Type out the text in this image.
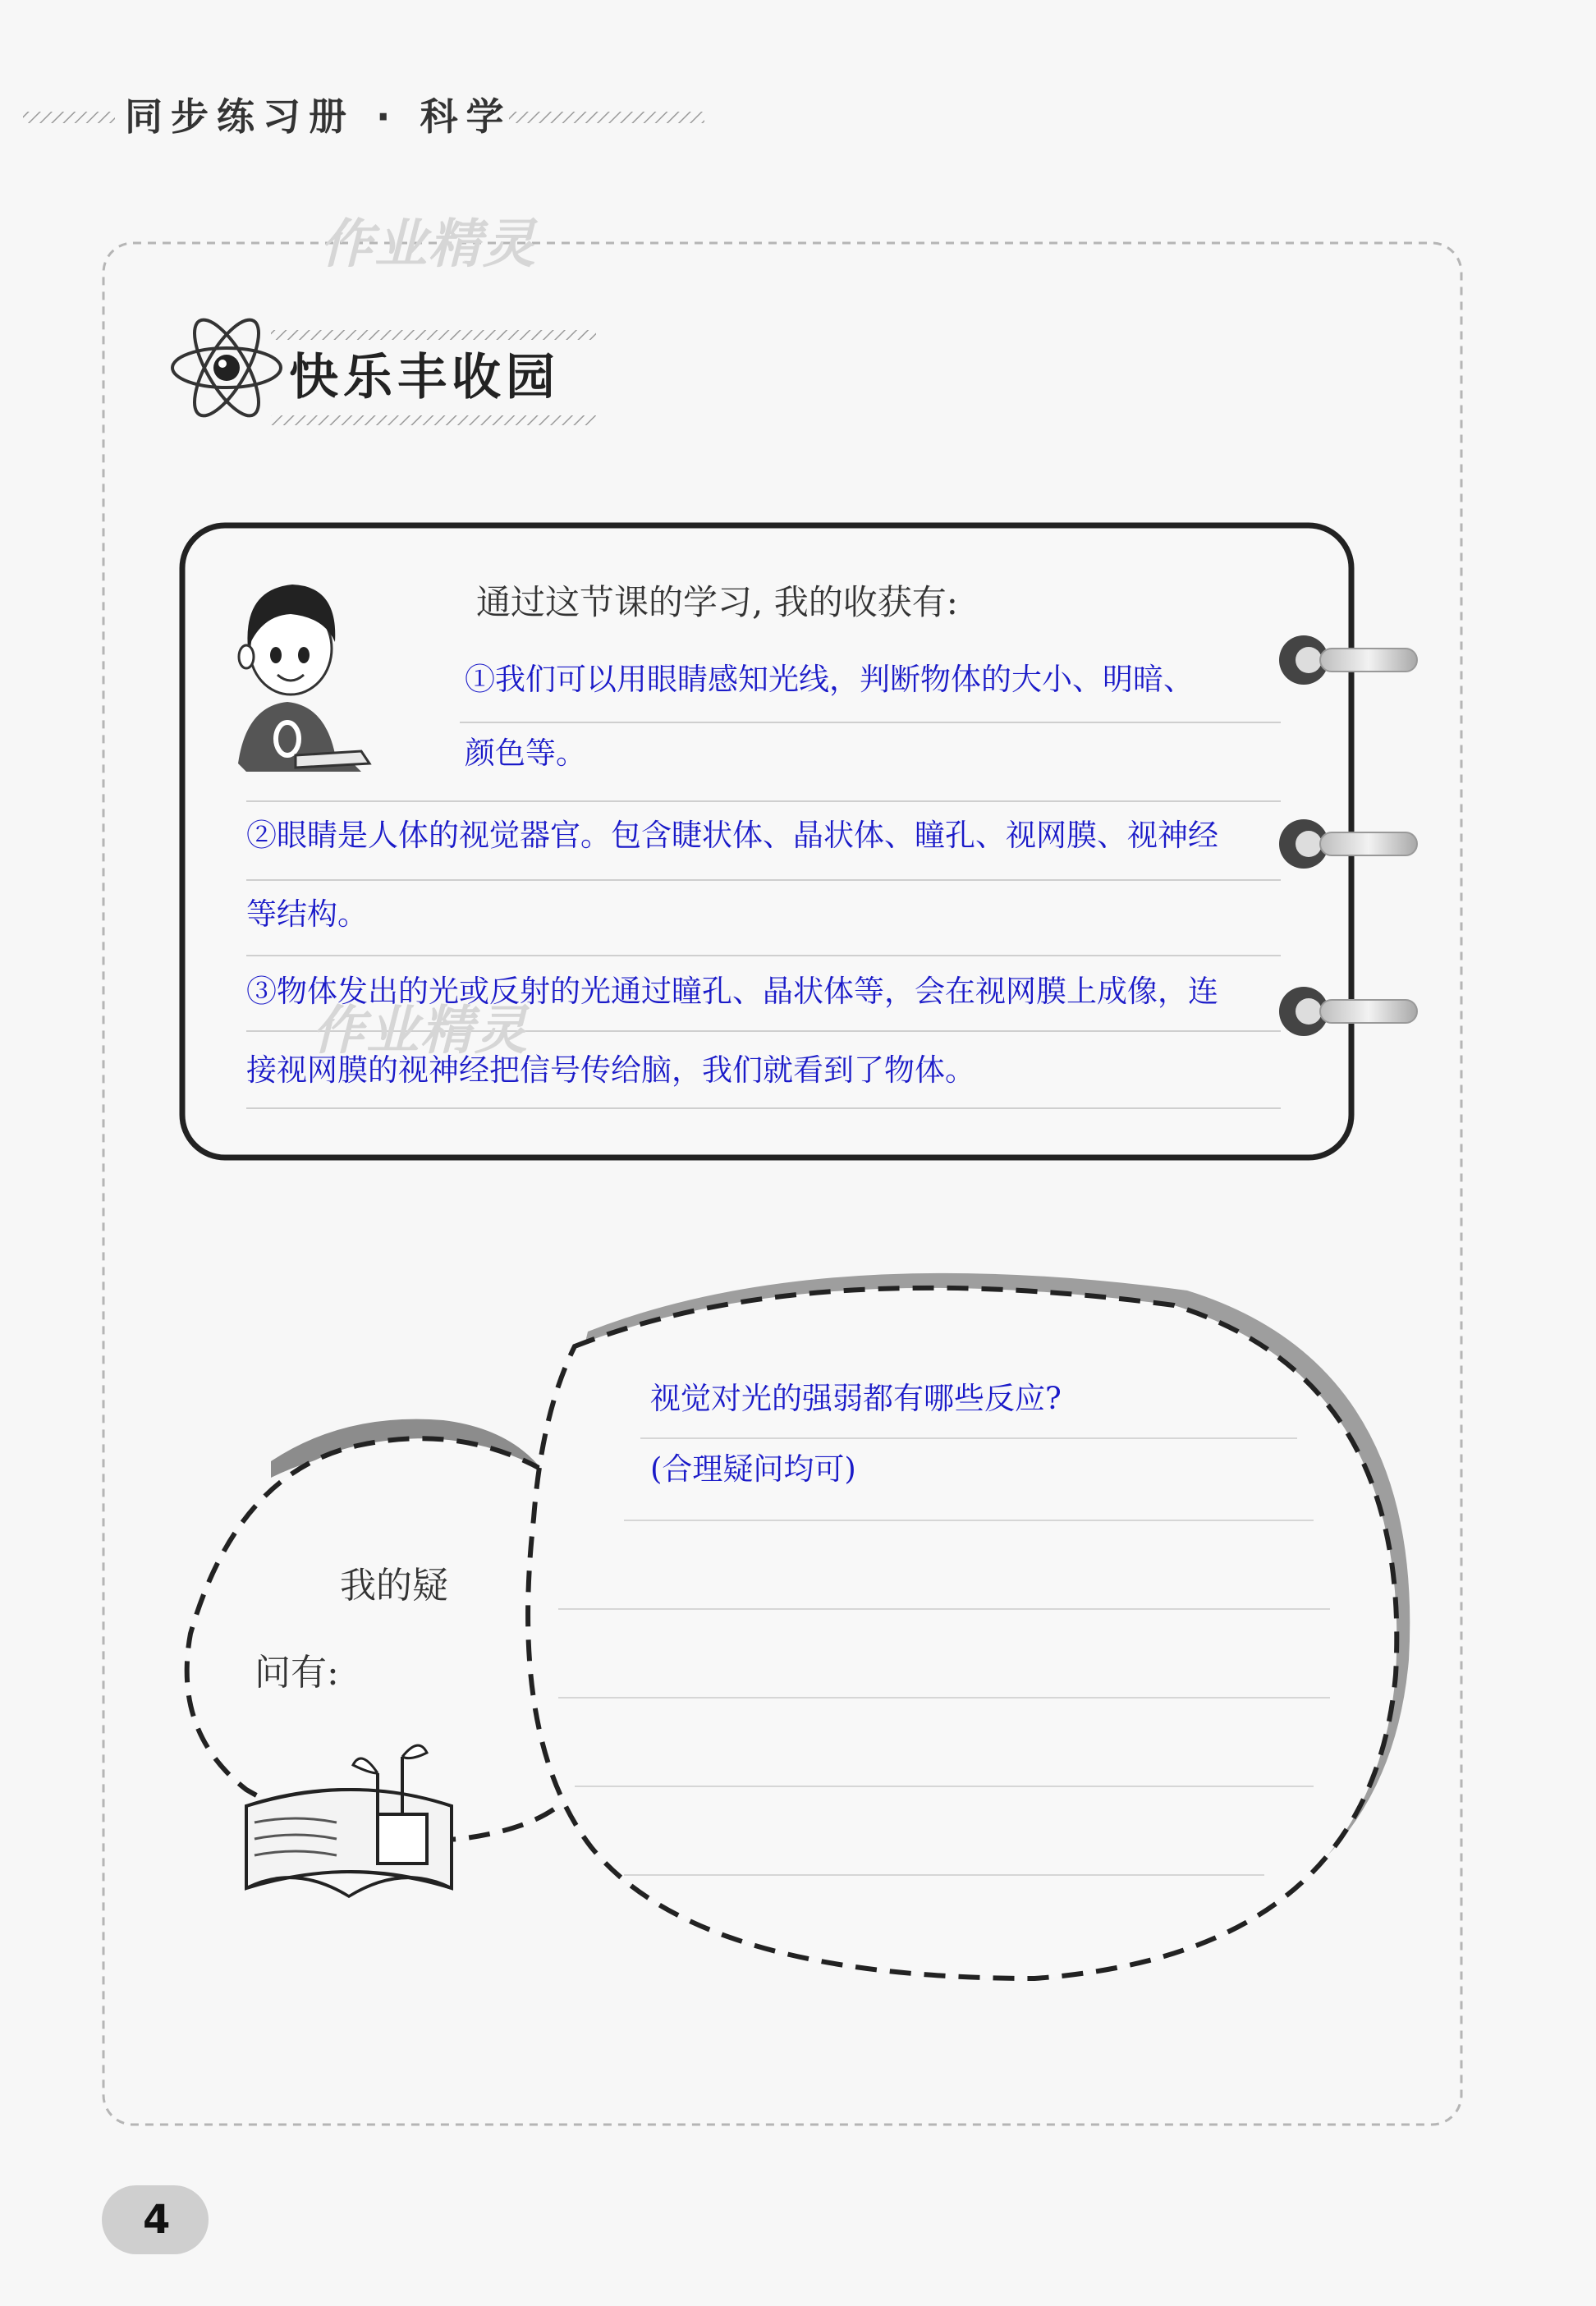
作业精灵
作业精灵
同步练习册 · 科学
快乐丰收园
通过这节课的学习, 我的收获有:
①我们可以用眼睛感知光线，判断物体的大小、明暗、
颜色等。
②眼睛是人体的视觉器官。包含睫状体、晶状体、瞳孔、视网膜、视神经
等结构。
③物体发出的光或反射的光通过瞳孔、晶状体等，会在视网膜上成像，连
接视网膜的视神经把信号传给脑，我们就看到了物体。
我的疑
问有:
视觉对光的强弱都有哪些反应?
(合理疑问均可)
4
